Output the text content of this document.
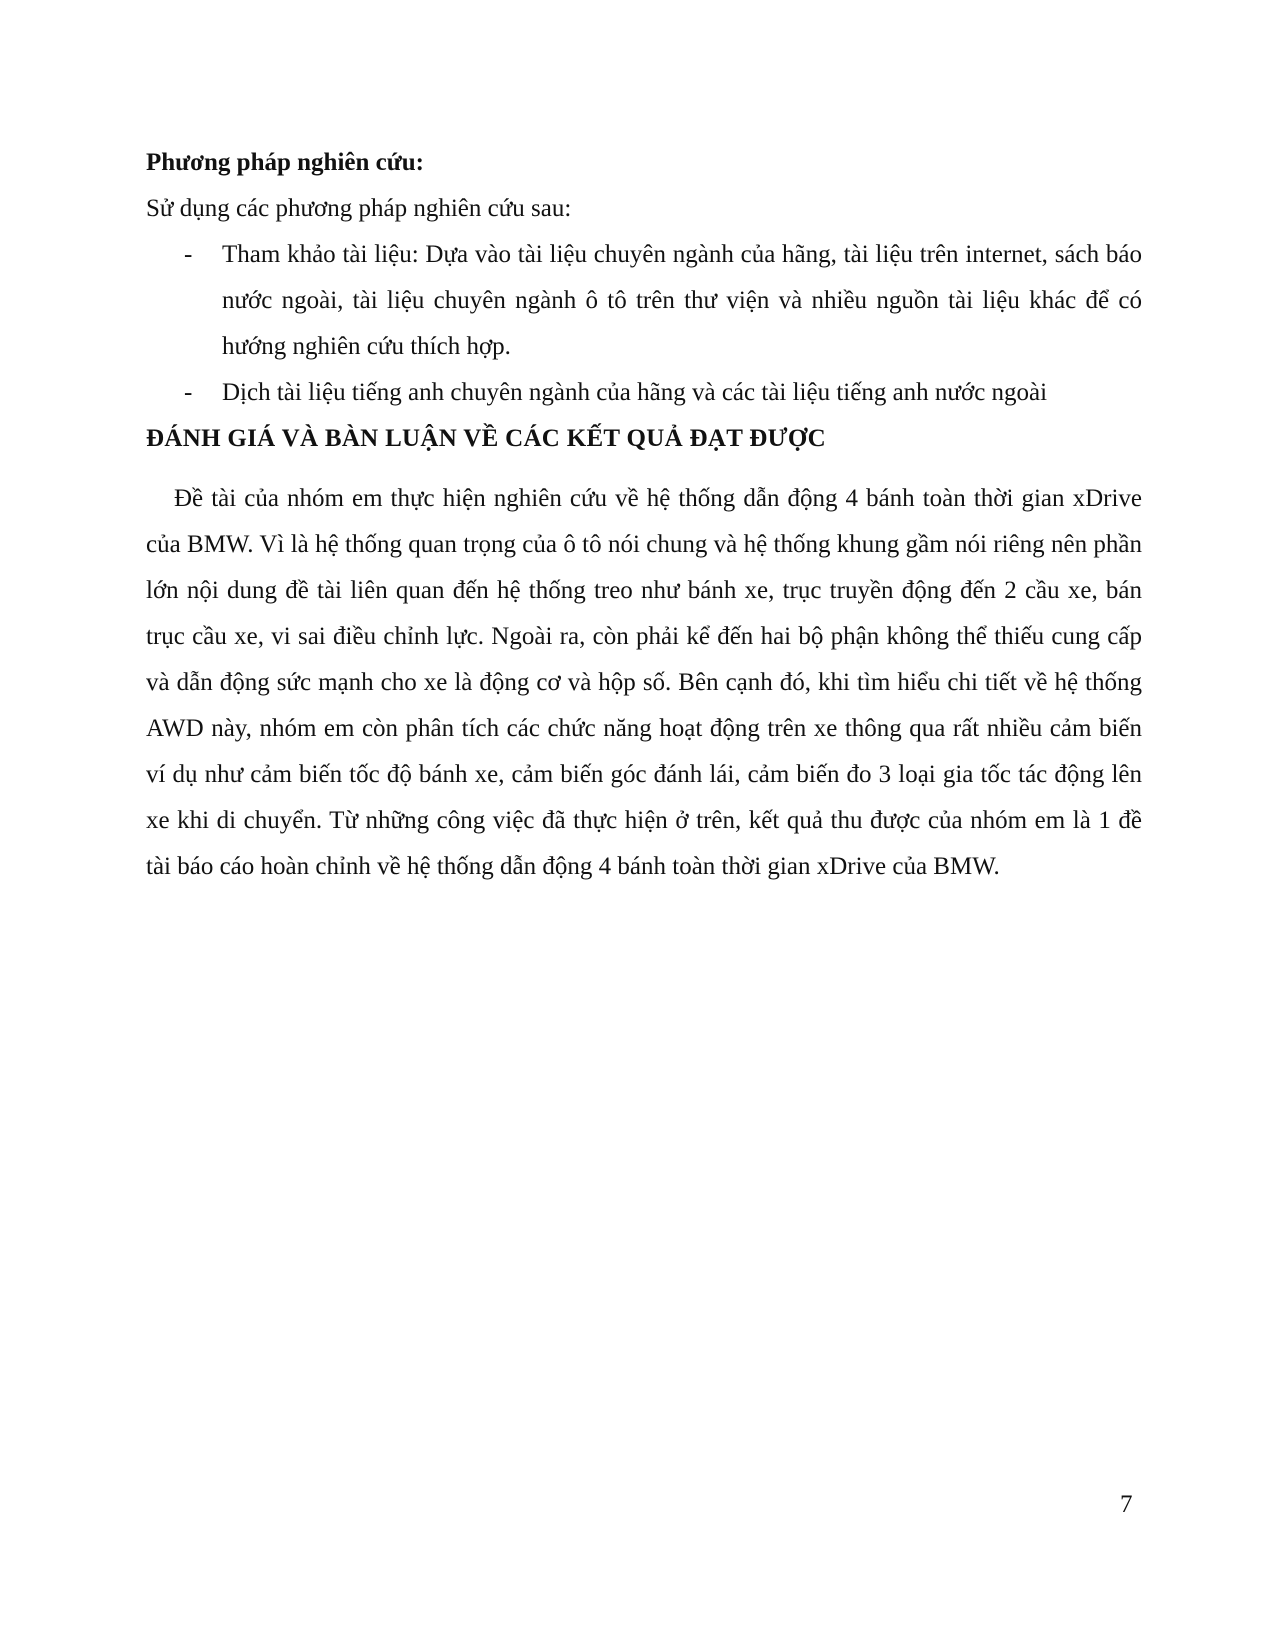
Phương pháp nghiên cứu:

Sử dụng các phương pháp nghiên cứu sau:

- Tham khảo tài liệu: Dựa vào tài liệu chuyên ngành của hãng, tài liệu trên internet, sách báo nước ngoài, tài liệu chuyên ngành ô tô trên thư viện và nhiều nguồn tài liệu khác để có hướng nghiên cứu thích hợp.
- Dịch tài liệu tiếng anh chuyên ngành của hãng và các tài liệu tiếng anh nước ngoài

ĐÁNH GIÁ VÀ BÀN LUẬN VỀ CÁC KẾT QUẢ ĐẠT ĐƯỢC

Đề tài của nhóm em thực hiện nghiên cứu về hệ thống dẫn động 4 bánh toàn thời gian xDrive của BMW. Vì là hệ thống quan trọng của ô tô nói chung và hệ thống khung gầm nói riêng nên phần lớn nội dung đề tài liên quan đến hệ thống treo như bánh xe, trục truyền động đến 2 cầu xe, bán trục cầu xe, vi sai điều chỉnh lực. Ngoài ra, còn phải kể đến hai bộ phận không thể thiếu cung cấp và dẫn động sức mạnh cho xe là động cơ và hộp số. Bên cạnh đó, khi tìm hiểu chi tiết về hệ thống AWD này, nhóm em còn phân tích các chức năng hoạt động trên xe thông qua rất nhiều cảm biến ví dụ như cảm biến tốc độ bánh xe, cảm biến góc đánh lái, cảm biến đo 3 loại gia tốc tác động lên xe khi di chuyển. Từ những công việc đã thực hiện ở trên, kết quả thu được của nhóm em là 1 đề tài báo cáo hoàn chỉnh về hệ thống dẫn động 4 bánh toàn thời gian xDrive của BMW.

7
